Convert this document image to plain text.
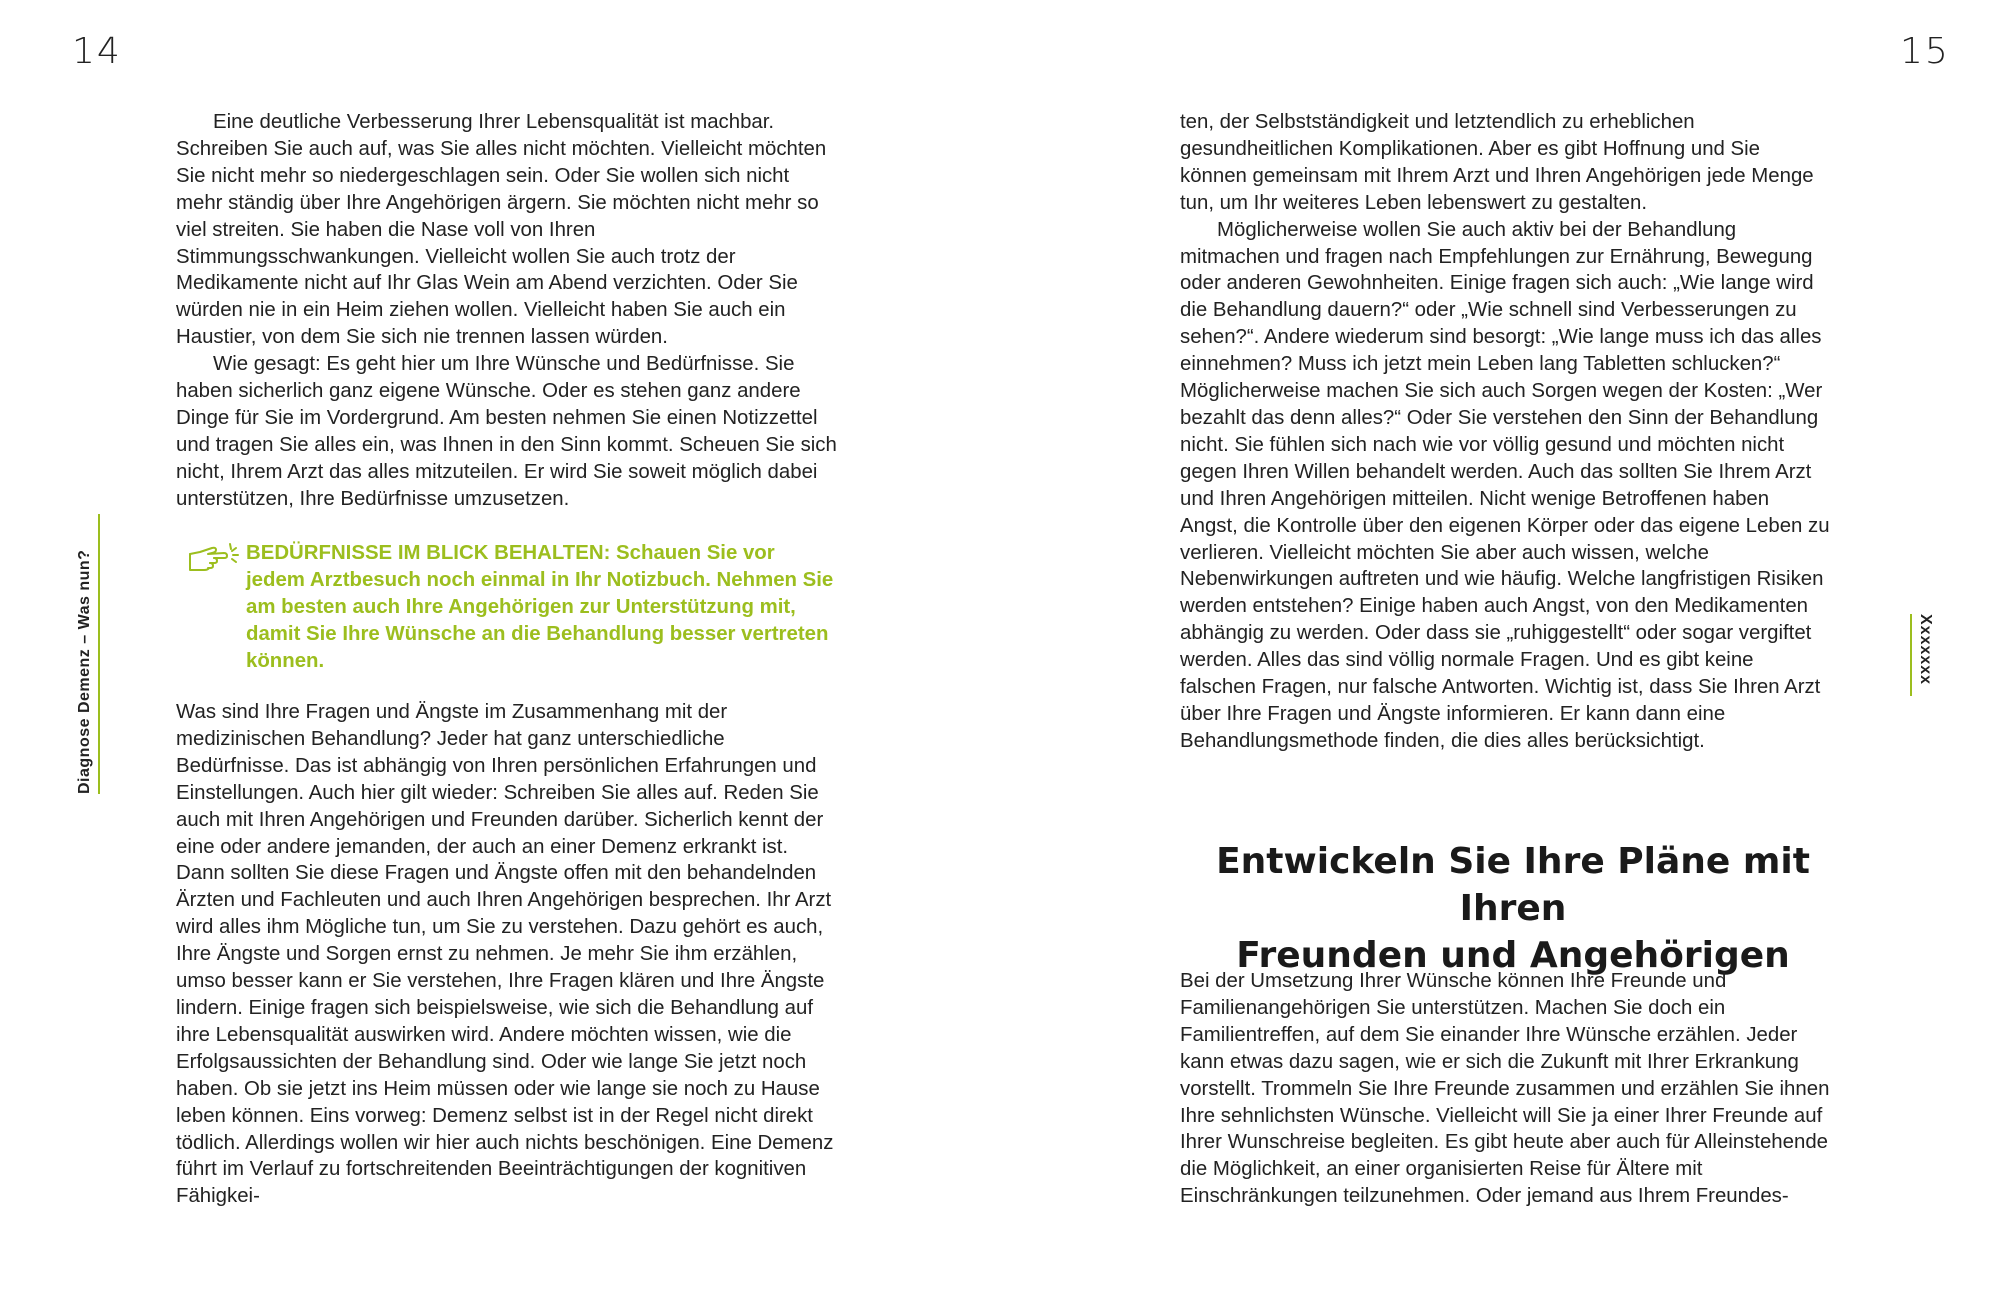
14
Diagnose Demenz – Was nun?

Eine deutliche Verbesserung Ihrer Lebensqualität ist machbar. Schreiben Sie auch auf, was Sie alles nicht möchten. Vielleicht möchten Sie nicht mehr so niedergeschlagen sein. Oder Sie wollen sich nicht mehr ständig über Ihre Angehörigen ärgern. Sie möchten nicht mehr so viel streiten. Sie haben die Nase voll von Ihren Stimmungsschwankungen. Vielleicht wollen Sie auch trotz der Medikamente nicht auf Ihr Glas Wein am Abend verzichten. Oder Sie würden nie in ein Heim ziehen wollen. Vielleicht haben Sie auch ein Haustier, von dem Sie sich nie trennen lassen würden.

Wie gesagt: Es geht hier um Ihre Wünsche und Bedürfnisse. Sie haben sicherlich ganz eigene Wünsche. Oder es stehen ganz andere Dinge für Sie im Vordergrund. Am besten nehmen Sie einen Notizzettel und tragen Sie alles ein, was Ihnen in den Sinn kommt. Scheuen Sie sich nicht, Ihrem Arzt das alles mitzuteilen. Er wird Sie soweit möglich dabei unterstützen, Ihre Bedürfnisse umzusetzen.

BEDÜRFNISSE IM BLICK BEHALTEN: Schauen Sie vor jedem Arztbesuch noch einmal in Ihr Notizbuch. Nehmen Sie am besten auch Ihre Angehörigen zur Unterstützung mit, damit Sie Ihre Wünsche an die Behandlung besser vertreten können.

Was sind Ihre Fragen und Ängste im Zusammenhang mit der medizinischen Behandlung? Jeder hat ganz unterschiedliche Bedürfnisse. Das ist abhängig von Ihren persönlichen Erfahrungen und Einstellungen. Auch hier gilt wieder: Schreiben Sie alles auf. Reden Sie auch mit Ihren Angehörigen und Freunden darüber. Sicherlich kennt der eine oder andere jemanden, der auch an einer Demenz erkrankt ist. Dann sollten Sie diese Fragen und Ängste offen mit den behandelnden Ärzten und Fachleuten und auch Ihren Angehörigen besprechen. Ihr Arzt wird alles ihm Mögliche tun, um Sie zu verstehen. Dazu gehört es auch, Ihre Ängste und Sorgen ernst zu nehmen. Je mehr Sie ihm erzählen, umso besser kann er Sie verstehen, Ihre Fragen klären und Ihre Ängste lindern. Einige fragen sich beispielsweise, wie sich die Behandlung auf ihre Lebensqualität auswirken wird. Andere möchten wissen, wie die Erfolgsaussichten der Behandlung sind. Oder wie lange Sie jetzt noch haben. Ob sie jetzt ins Heim müssen oder wie lange sie noch zu Hause leben können. Eins vorweg: Demenz selbst ist in der Regel nicht direkt tödlich. Allerdings wollen wir hier auch nichts beschönigen. Eine Demenz führt im Verlauf zu fortschreitenden Beeinträchtigungen der kognitiven Fähigkei-

15
Xxxxxxx

ten, der Selbstständigkeit und letztendlich zu erheblichen gesundheitlichen Komplikationen. Aber es gibt Hoffnung und Sie können gemeinsam mit Ihrem Arzt und Ihren Angehörigen jede Menge tun, um Ihr weiteres Leben lebenswert zu gestalten.

Möglicherweise wollen Sie auch aktiv bei der Behandlung mitmachen und fragen nach Empfehlungen zur Ernährung, Bewegung oder anderen Gewohnheiten. Einige fragen sich auch: „Wie lange wird die Behandlung dauern?“ oder „Wie schnell sind Verbesserungen zu sehen?“. Andere wiederum sind besorgt: „Wie lange muss ich das alles einnehmen? Muss ich jetzt mein Leben lang Tabletten schlucken?“ Möglicherweise machen Sie sich auch Sorgen wegen der Kosten: „Wer bezahlt das denn alles?“ Oder Sie verstehen den Sinn der Behandlung nicht. Sie fühlen sich nach wie vor völlig gesund und möchten nicht gegen Ihren Willen behandelt werden. Auch das sollten Sie Ihrem Arzt und Ihren Angehörigen mitteilen. Nicht wenige Betroffenen haben Angst, die Kontrolle über den eigenen Körper oder das eigene Leben zu verlieren. Vielleicht möchten Sie aber auch wissen, welche Nebenwirkungen auftreten und wie häufig. Welche langfristigen Risiken werden entstehen? Einige haben auch Angst, von den Medikamenten abhängig zu werden. Oder dass sie „ruhiggestellt“ oder sogar vergiftet werden. Alles das sind völlig normale Fragen. Und es gibt keine falschen Fragen, nur falsche Antworten. Wichtig ist, dass Sie Ihren Arzt über Ihre Fragen und Ängste informieren. Er kann dann eine Behandlungsmethode finden, die dies alles berücksichtigt.

Entwickeln Sie Ihre Pläne mit Ihren
Freunden und Angehörigen

Bei der Umsetzung Ihrer Wünsche können Ihre Freunde und Familienangehörigen Sie unterstützen. Machen Sie doch ein Familientreffen, auf dem Sie einander Ihre Wünsche erzählen. Jeder kann etwas dazu sagen, wie er sich die Zukunft mit Ihrer Erkrankung vorstellt. Trommeln Sie Ihre Freunde zusammen und erzählen Sie ihnen Ihre sehnlichsten Wünsche. Vielleicht will Sie ja einer Ihrer Freunde auf Ihrer Wunschreise begleiten. Es gibt heute aber auch für Alleinstehende die Möglichkeit, an einer organisierten Reise für Ältere mit Einschränkungen teilzunehmen. Oder jemand aus Ihrem Freundes-
